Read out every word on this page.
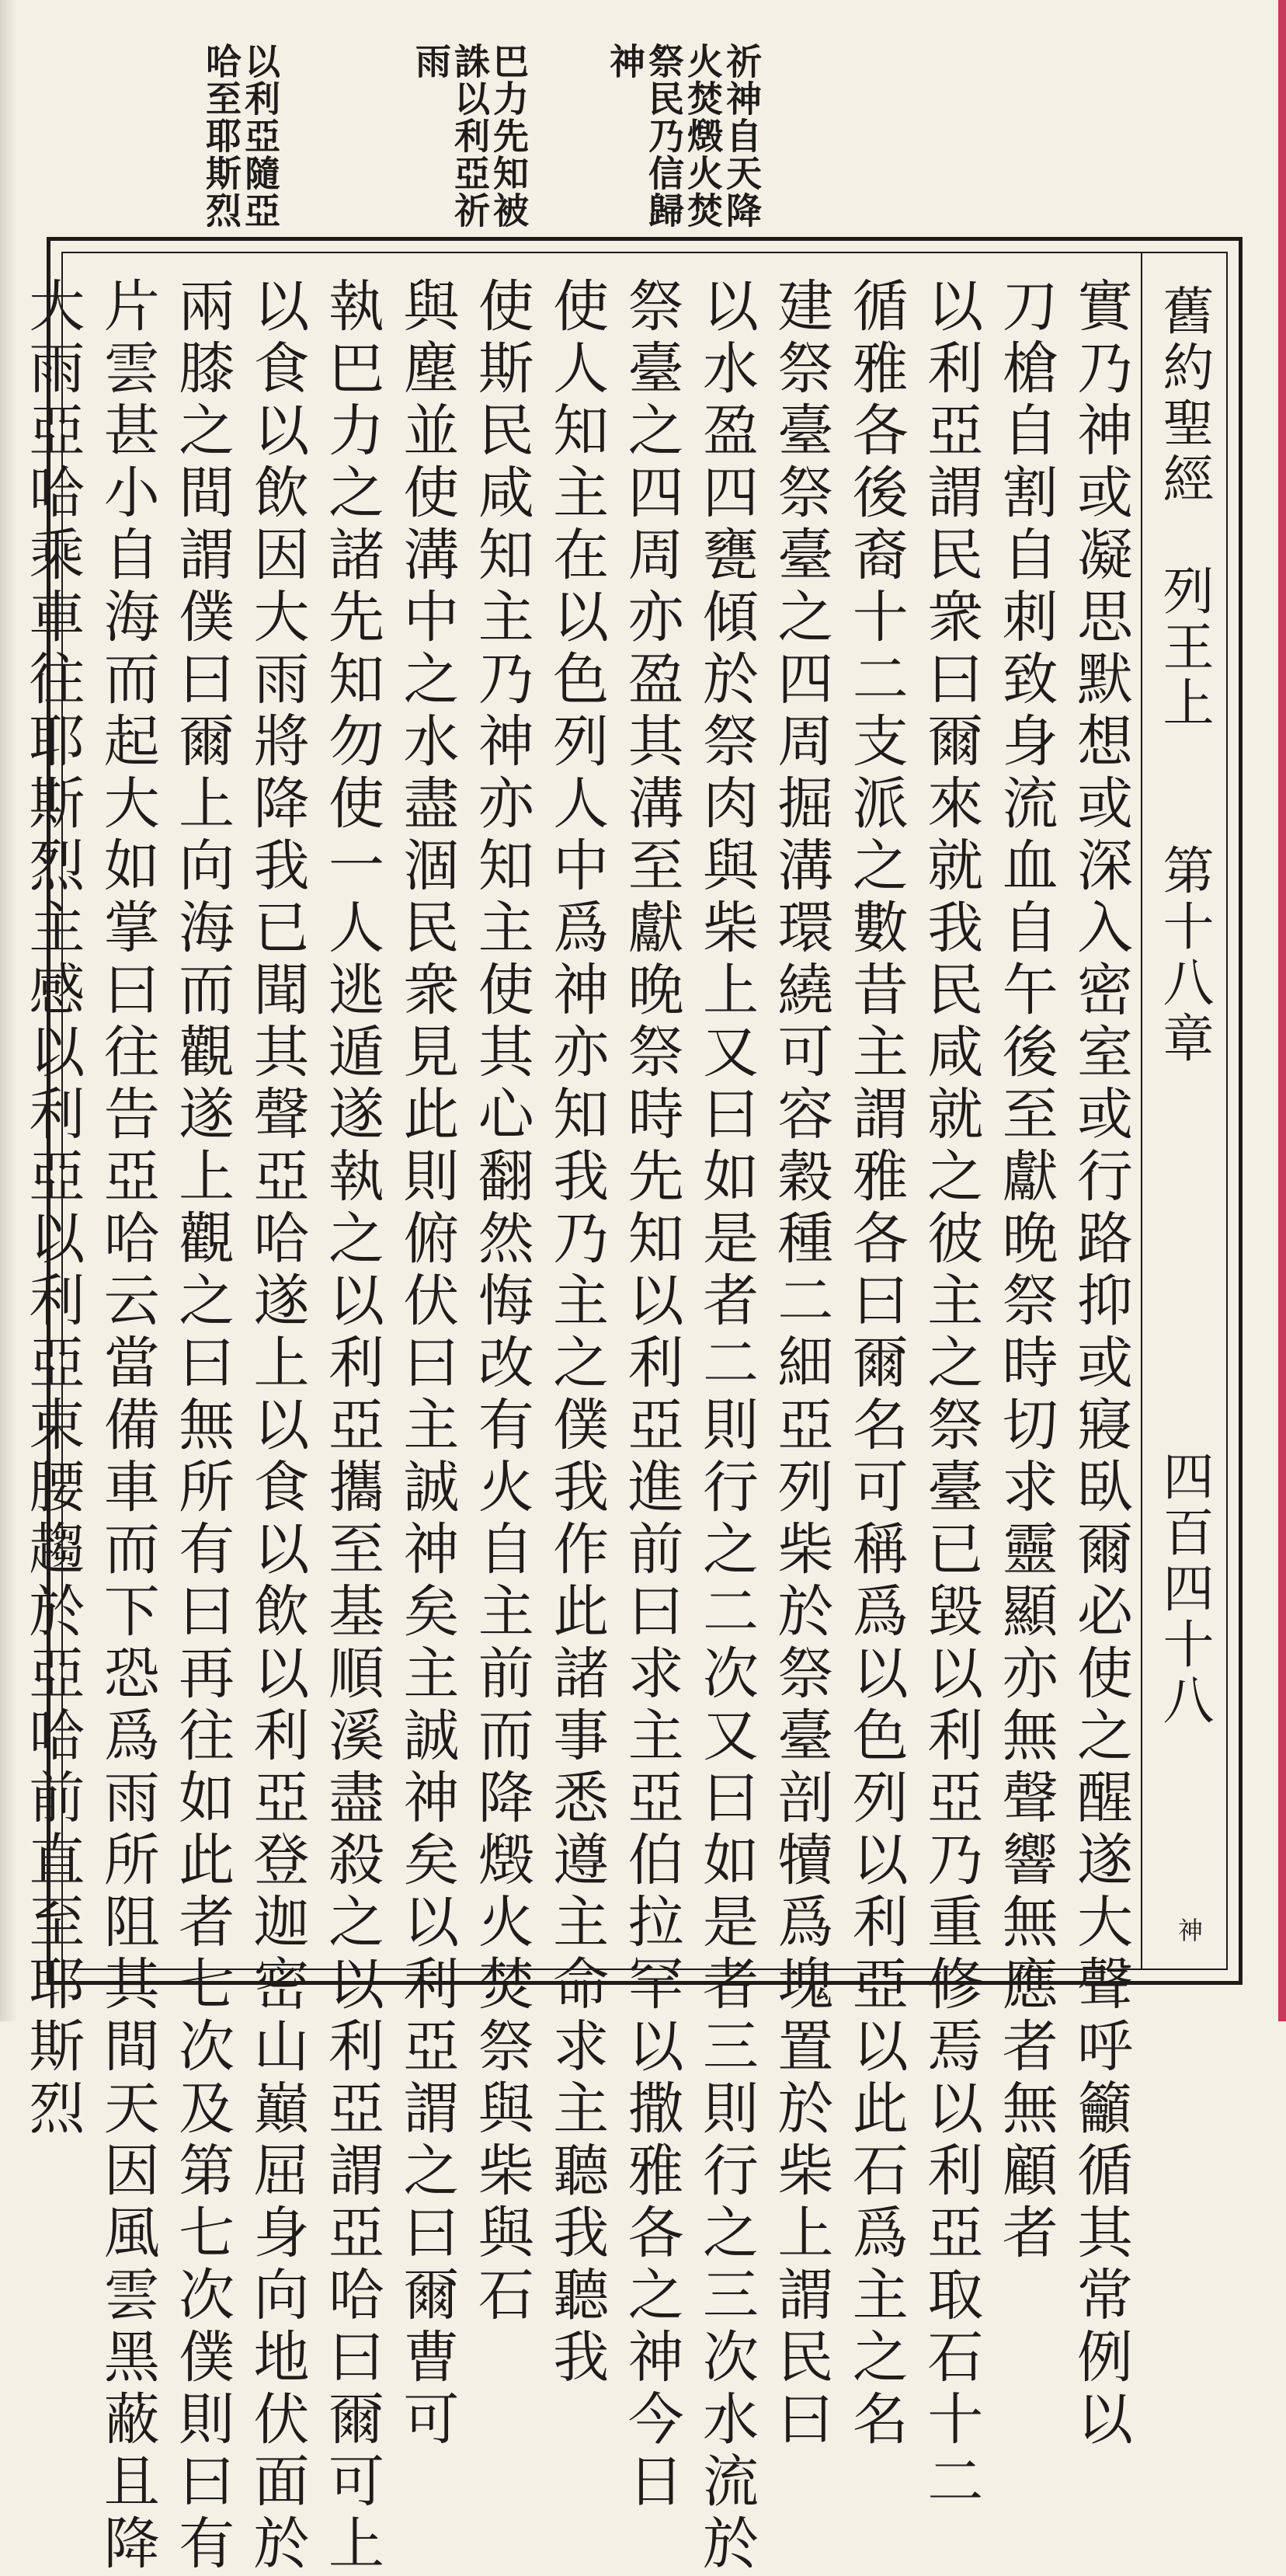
祈神自天降火焚燬火焚祭民乃信歸神
巴力先知被誅以利亞祈雨
以利亞隨亞哈至耶斯烈
舊約聖經
列王上
第十八章
四百四十八
神
實乃神或凝思默想或深入密室或行路抑或寢臥爾必使之醒遂大聲呼籲循其常例以
刀槍自割自刺致身流血自午後至獻晚祭時切求靈顯亦無聲響無應者無顧者
以利亞謂民衆曰爾來就我民咸就之彼主之祭臺已毀以利亞乃重修焉以利亞取石十二
循雅各後裔十二支派之數昔主謂雅各曰爾名可稱爲以色列以利亞以此石爲主之名
建祭臺祭臺之四周掘溝環繞可容穀種二細亞列柴於祭臺剖犢爲塊置於柴上謂民曰
以水盈四甕傾於祭肉與柴上又曰如是者二則行之二次又曰如是者三則行之三次水流於
祭臺之四周亦盈其溝至獻晚祭時先知以利亞進前曰求主亞伯拉罕以撒雅各之神今日
使人知主在以色列人中爲神亦知我乃主之僕我作此諸事悉遵主命求主聽我聽我
使斯民咸知主乃神亦知主使其心翻然悔改有火自主前而降燬火焚祭與柴與石
與塵並使溝中之水盡涸民衆見此則俯伏曰主誠神矣主誠神矣以利亞謂之曰爾曹可
執巴力之諸先知勿使一人逃遁遂執之以利亞攜至基順溪盡殺之以利亞謂亞哈曰爾可上
以食以飲因大雨將降我已聞其聲亞哈遂上以食以飲以利亞登迦密山巔屈身向地伏面於
兩膝之間謂僕曰爾上向海而觀遂上觀之曰無所有曰再往如此者七次及第七次僕則曰有
片雲甚小自海而起大如掌曰往告亞哈云當備車而下恐爲雨所阻其間天因風雲黑蔽且降
大雨亞哈乘車往耶斯烈主感以利亞以利亞束腰趨於亞哈前直至耶斯烈
